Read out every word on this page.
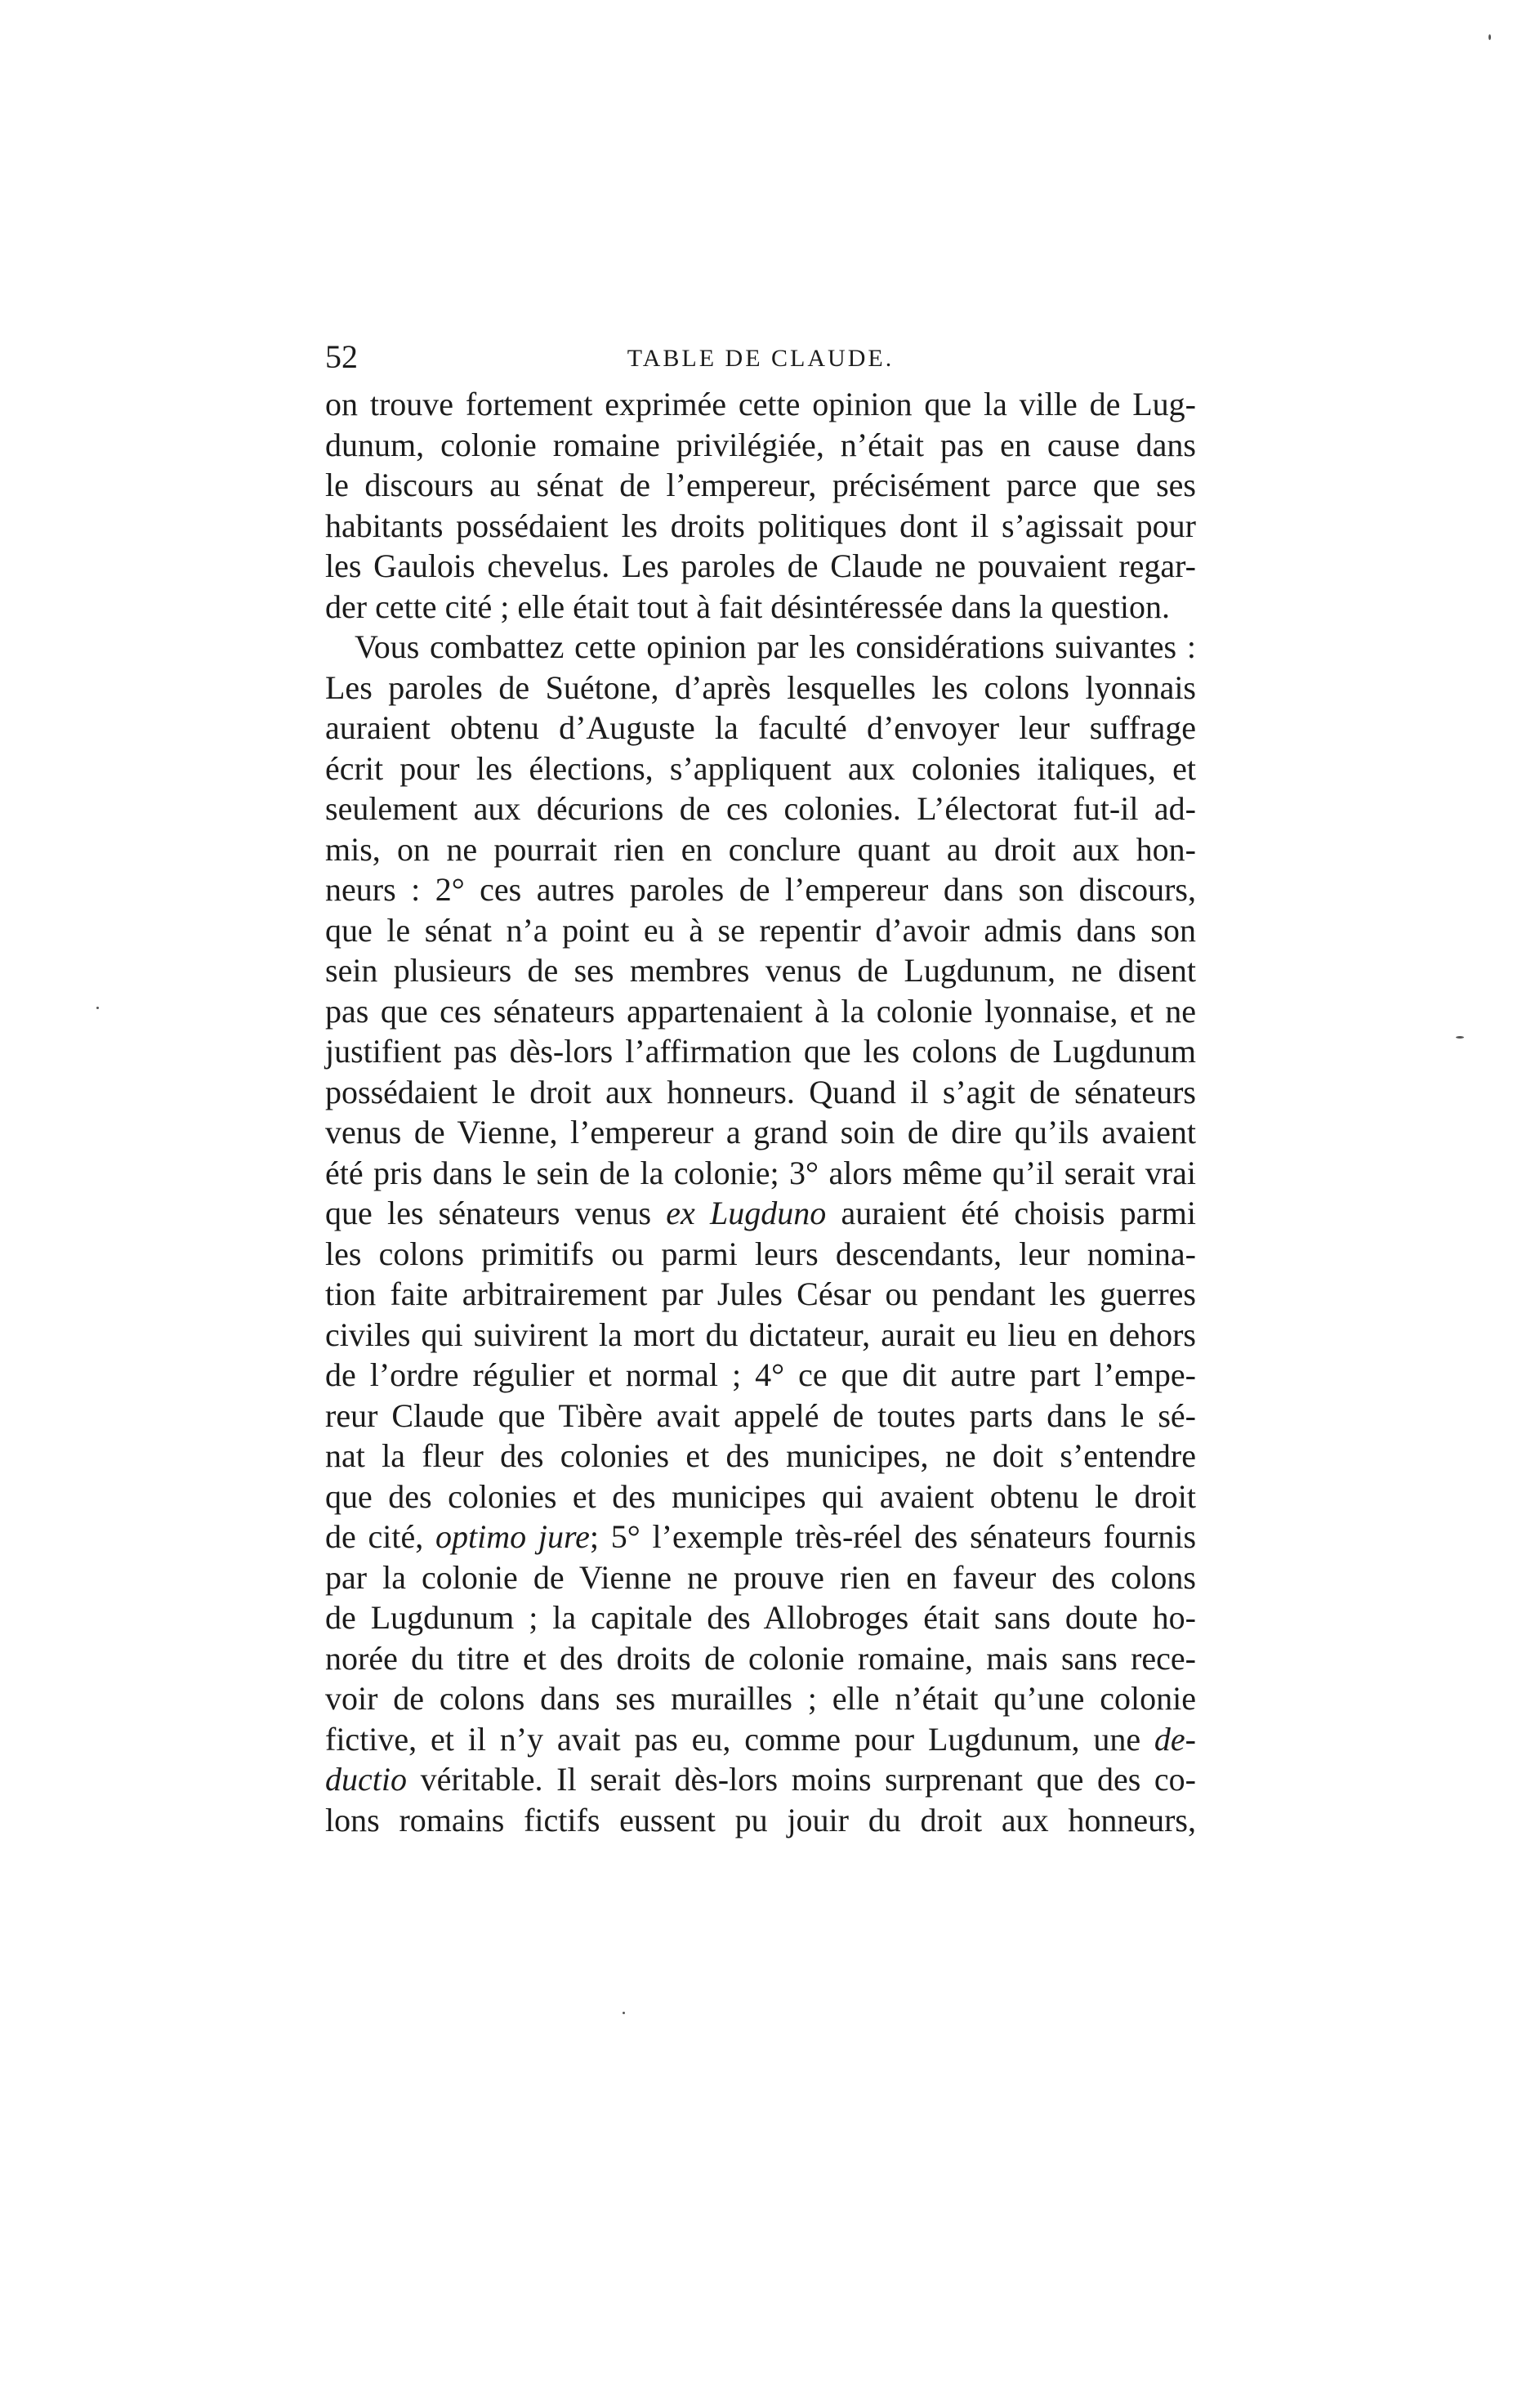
52	TABLE DE CLAUDE.
on trouve fortement exprimée cette opinion que la ville de Lug-
dunum, colonie romaine privilégiée, n’était pas en cause dans
le discours au sénat de l’empereur, précisément parce que ses
habitants possédaient les droits politiques dont il s’agissait pour
les Gaulois chevelus. Les paroles de Claude ne pouvaient regar-
der cette cité ; elle était tout à fait désintéressée dans la question.
Vous combattez cette opinion par les considérations suivantes :
Les paroles de Suétone, d’après lesquelles les colons lyonnais
auraient obtenu d’Auguste la faculté d’envoyer leur suffrage
écrit pour les élections, s’appliquent aux colonies italiques, et
seulement aux décurions de ces colonies. L’électorat fut-il ad-
mis, on ne pourrait rien en conclure quant au droit aux hon-
neurs : 2° ces autres paroles de l’empereur dans son discours,
que le sénat n’a point eu à se repentir d’avoir admis dans son
sein plusieurs de ses membres venus de Lugdunum, ne disent
pas que ces sénateurs appartenaient à la colonie lyonnaise, et ne
justifient pas dès-lors l’affirmation que les colons de Lugdunum
possédaient le droit aux honneurs. Quand il s’agit de sénateurs
venus de Vienne, l’empereur a grand soin de dire qu’ils avaient
été pris dans le sein de la colonie; 3° alors même qu’il serait vrai
que les sénateurs venus ex Lugduno auraient été choisis parmi
les colons primitifs ou parmi leurs descendants, leur nomina-
tion faite arbitrairement par Jules César ou pendant les guerres
civiles qui suivirent la mort du dictateur, aurait eu lieu en dehors
de l’ordre régulier et normal ; 4° ce que dit autre part l’empe-
reur Claude que Tibère avait appelé de toutes parts dans le sé-
nat la fleur des colonies et des municipes, ne doit s’entendre
que des colonies et des municipes qui avaient obtenu le droit
de cité, optimo jure; 5° l’exemple très-réel des sénateurs fournis
par la colonie de Vienne ne prouve rien en faveur des colons
de Lugdunum ; la capitale des Allobroges était sans doute ho-
norée du titre et des droits de colonie romaine, mais sans rece-
voir de colons dans ses murailles ; elle n’était qu’une colonie
fictive, et il n’y avait pas eu, comme pour Lugdunum, une de-
ductio véritable. Il serait dès-lors moins surprenant que des co-
lons romains fictifs eussent pu jouir du droit aux honneurs,
